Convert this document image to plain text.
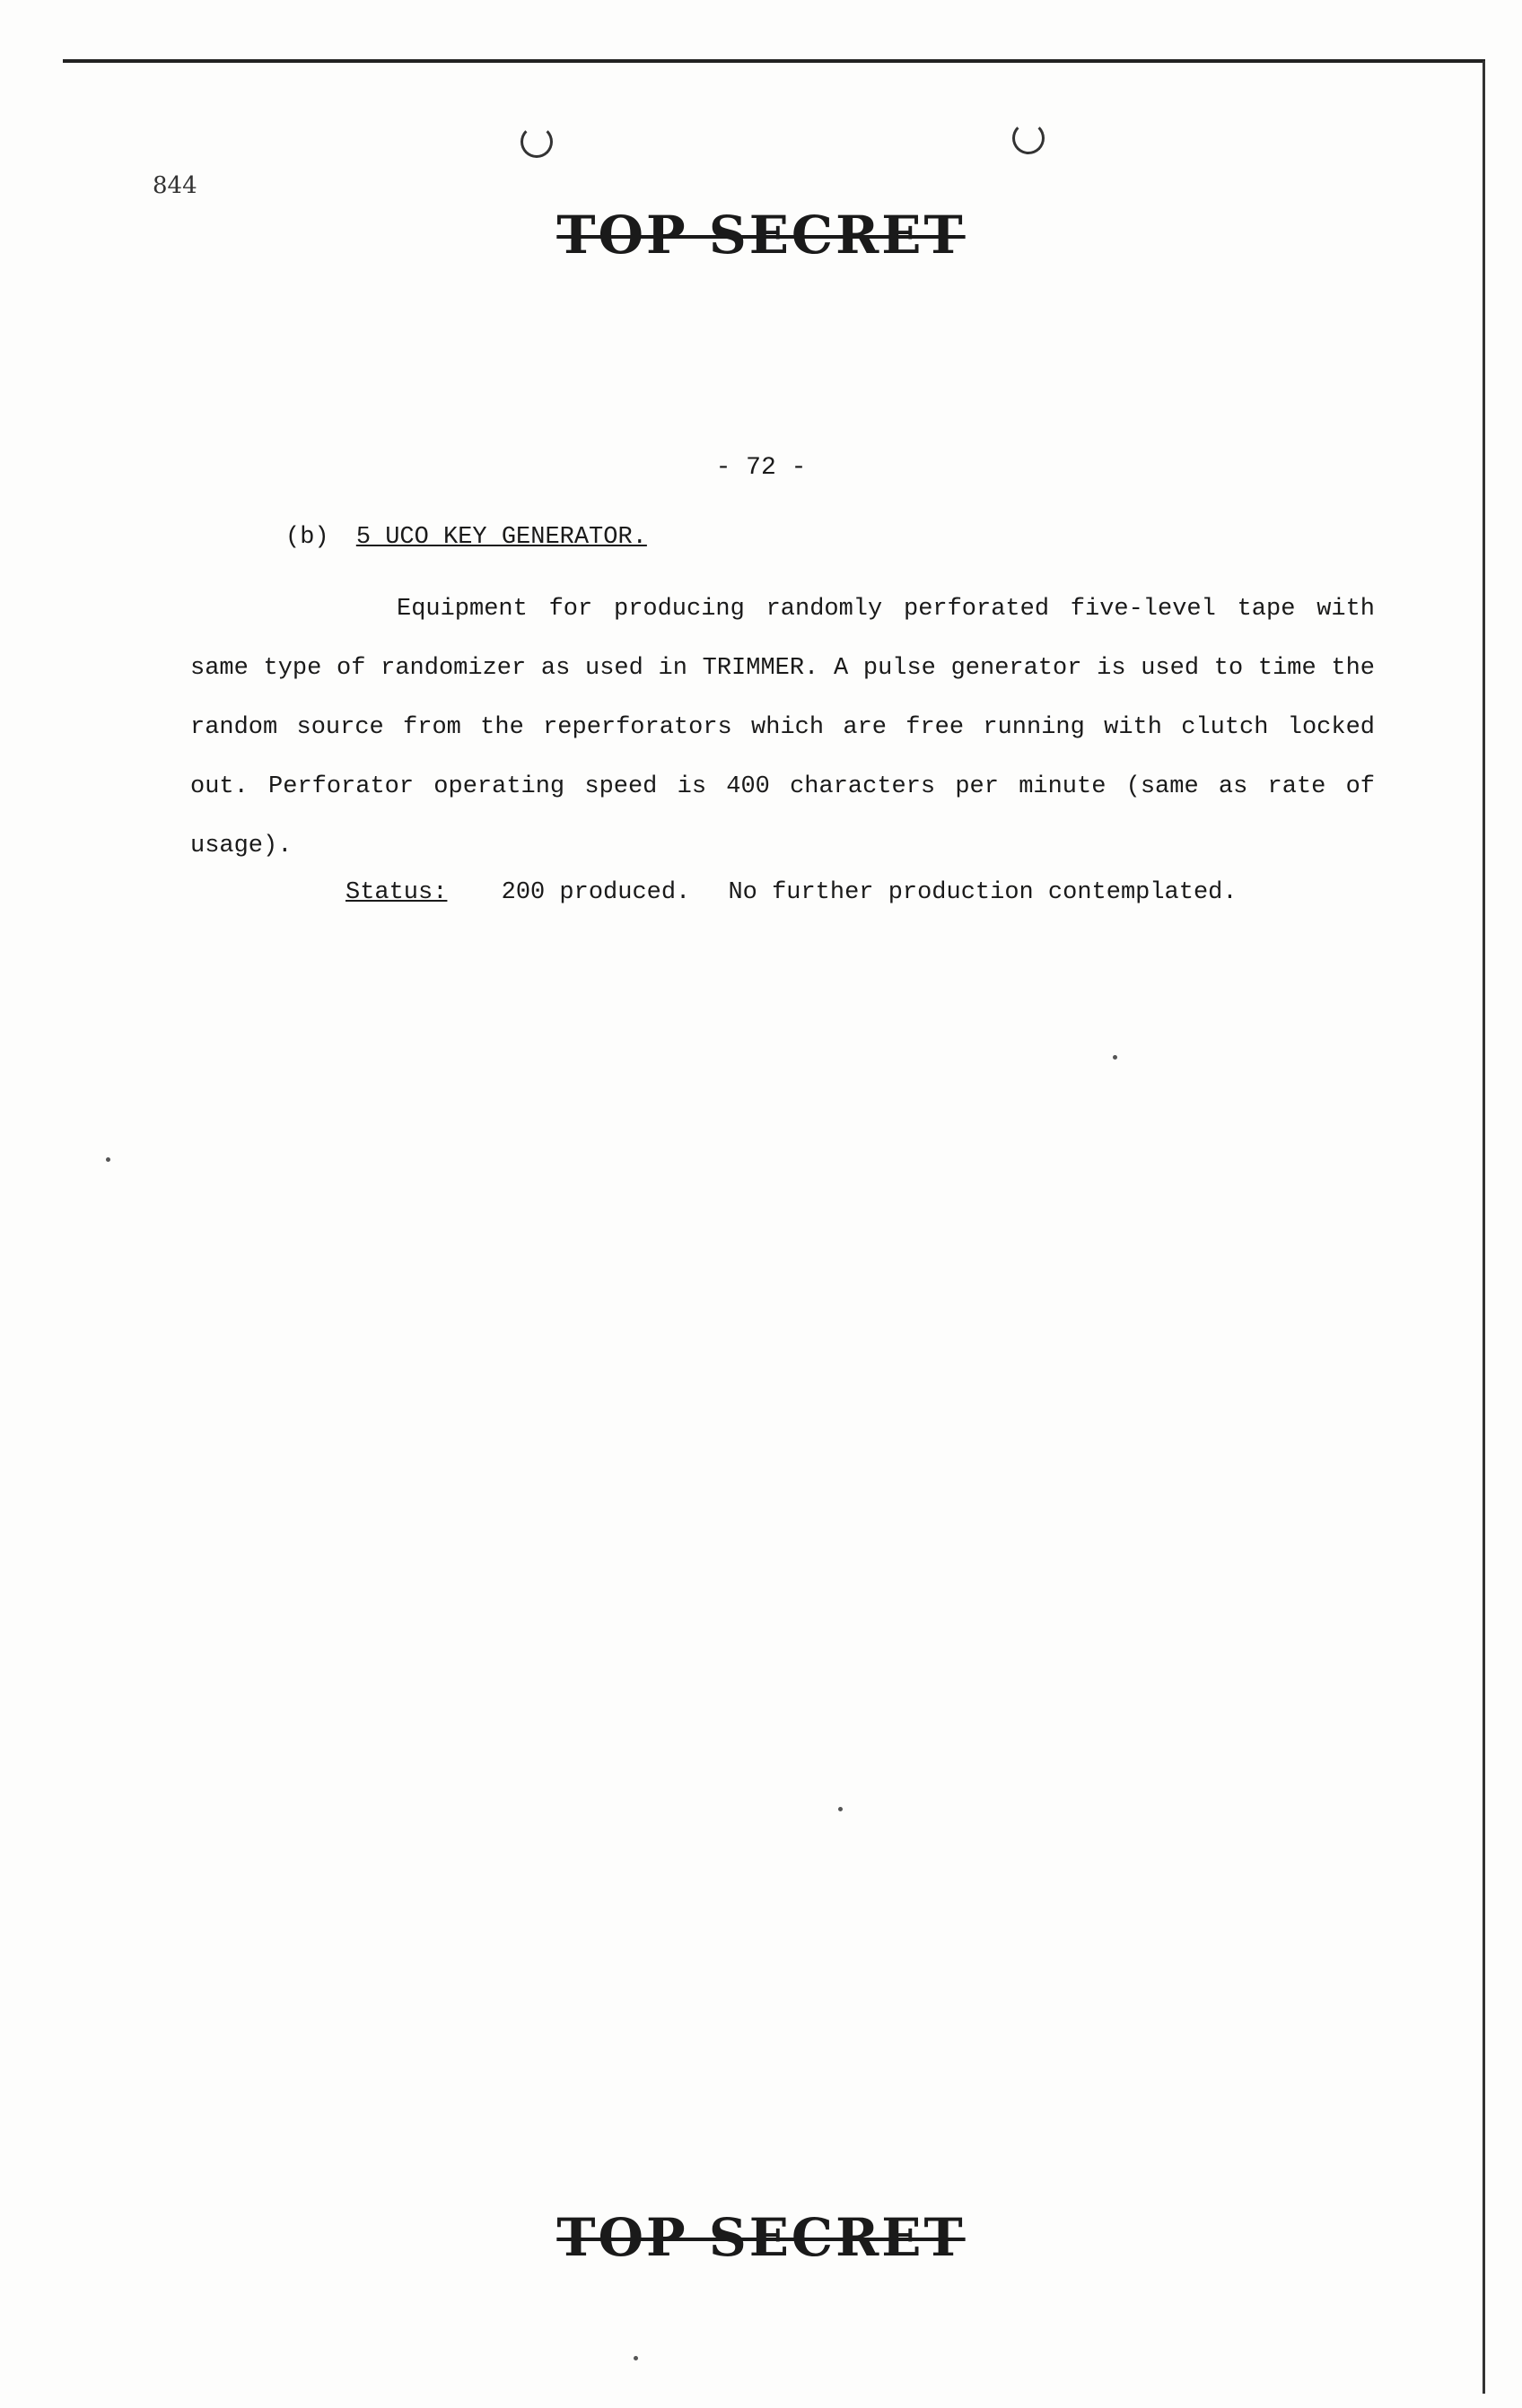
844
TOP SECRET
- 72 -
(b) 5 UCO KEY GENERATOR.

Equipment for producing randomly perforated five-level tape with same type of randomizer as used in TRIMMER. A pulse generator is used to time the random source from the reperforators which are free running with clutch locked out. Perforator operating speed is 400 characters per minute (same as rate of usage).

Status: 200 produced. No further production contemplated.
TOP SECRET
